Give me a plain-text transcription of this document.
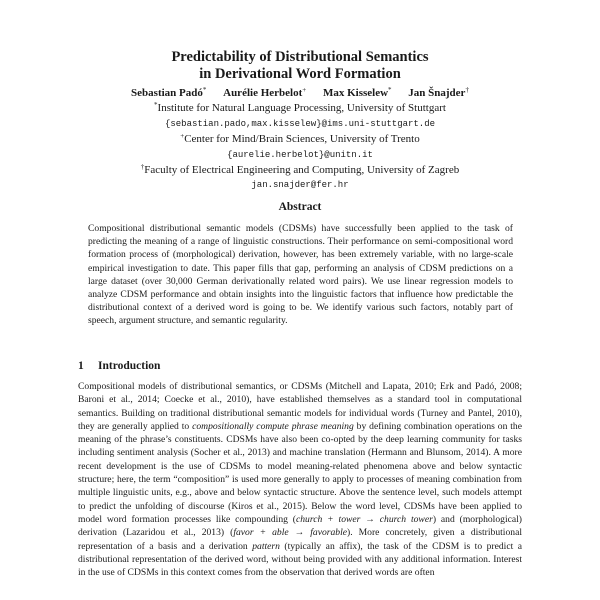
Predictability of Distributional Semantics
in Derivational Word Formation
Sebastian Padó* Aurélie Herbelot+ Max Kisselew* Jan Šnajder†
*Institute for Natural Language Processing, University of Stuttgart
{sebastian.pado,max.kisselew}@ims.uni-stuttgart.de
+Center for Mind/Brain Sciences, University of Trento
{aurelie.herbelot}@unitn.it
†Faculty of Electrical Engineering and Computing, University of Zagreb
jan.snajder@fer.hr
Abstract
Compositional distributional semantic models (CDSMs) have successfully been applied to the task of predicting the meaning of a range of linguistic constructions. Their performance on semi-compositional word formation process of (morphological) derivation, however, has been extremely variable, with no large-scale empirical investigation to date. This paper fills that gap, performing an analysis of CDSM predictions on a large dataset (over 30,000 German derivationally related word pairs). We use linear regression models to analyze CDSM performance and obtain insights into the linguistic factors that influence how predictable the distributional context of a derived word is going to be. We identify various such factors, notably part of speech, argument structure, and semantic regularity.
1 Introduction

Compositional models of distributional semantics, or CDSMs (Mitchell and Lapata, 2010; Erk and Padó, 2008; Baroni et al., 2014; Coecke et al., 2010), have established themselves as a standard tool in computational semantics. Building on traditional distributional semantic models for individual words (Turney and Pantel, 2010), they are generally applied to compositionally compute phrase meaning by defining combination operations on the meaning of the phrase’s constituents. CDSMs have also been co-opted by the deep learning community for tasks including sentiment analysis (Socher et al., 2013) and machine translation (Hermann and Blunsom, 2014). A more recent development is the use of CDSMs to model meaning-related phenomena above and below syntactic structure; here, the term “composition” is used more generally to apply to processes of meaning combination from multiple linguistic units, e.g., above and below syntactic structure. Above the sentence level, such models attempt to predict the unfolding of discourse (Kiros et al., 2015). Below the word level, CDSMs have been applied to model word formation processes like compounding (church + tower → church tower) and (morphological) derivation (Lazaridou et al., 2013) (favor + able → favorable). More concretely, given a distributional representation of a basis and a derivation pattern (typically an affix), the task of the CDSM is to predict a distributional representation of the derived word, without being provided with any additional information. Interest in the use of CDSMs in this context comes from the observation that derived words are often
